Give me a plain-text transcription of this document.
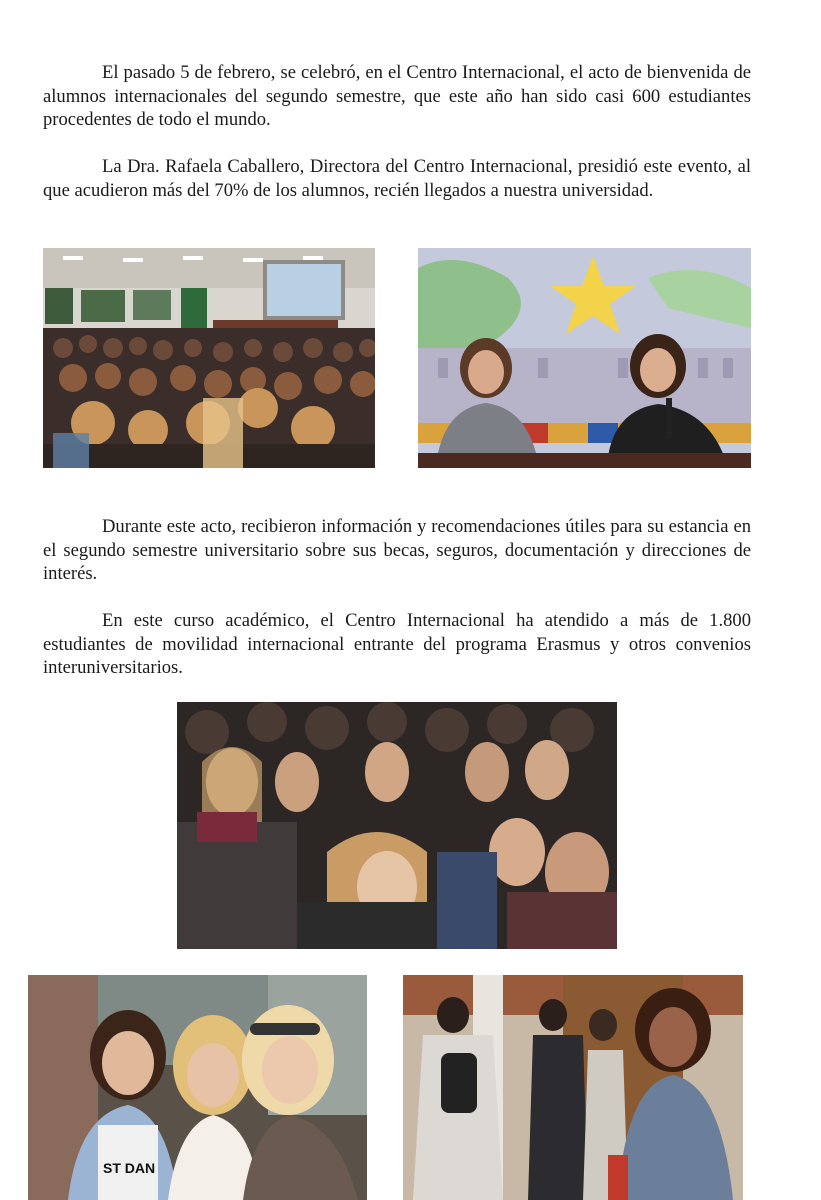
El pasado 5 de febrero, se celebró, en el Centro Internacional, el acto de bienvenida de alumnos internacionales del segundo semestre, que este año han sido casi 600 estudiantes procedentes de todo el mundo.

La Dra. Rafaela Caballero, Directora del Centro Internacional, presidió este evento, al que acudieron más del 70% de los alumnos, recién llegados a nuestra universidad.

Durante este acto, recibieron información y recomendaciones útiles para su estancia en el segundo semestre universitario sobre sus becas, seguros, documentación y direcciones de interés.

En este curso académico, el Centro Internacional ha atendido a más de 1.800 estudiantes de movilidad internacional entrante del programa Erasmus y otros convenios interuniversitarios.

ST DAN
